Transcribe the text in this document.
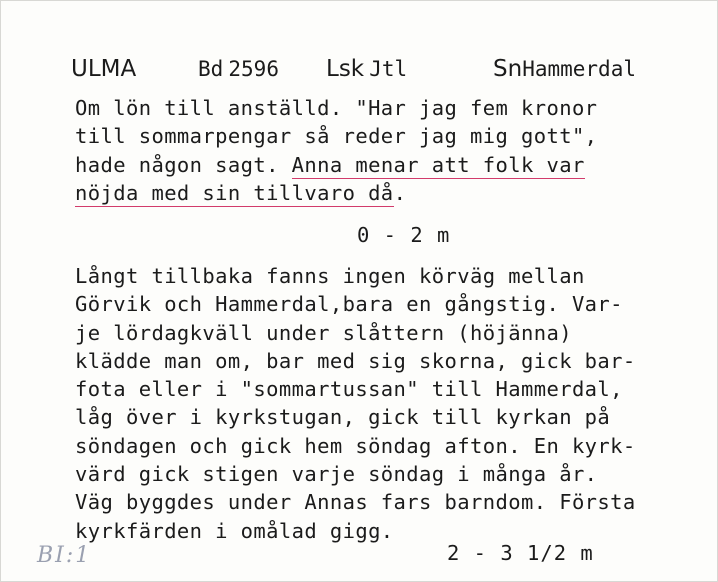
ULMA	Bd 2596 Lsk Jtl	SnHammerdal
Om lön till anställd. "Har jag fem kronor
till sommarpengar så reder jag mig gott",
hade någon sagt. Anna menar att folk var
nöjda med sin tillvaro då.
0 - 2 m
Långt tillbaka fanns ingen körväg mellan
Görvik och Hammerdal,bara en gångstig. Var-
je lördagkväll under slåttern (höjänna)
klädde man om, bar med sig skorna, gick bar-
fota eller i "sommartussan" till Hammerdal,
låg över i kyrkstugan, gick till kyrkan på
söndagen och gick hem söndag afton. En kyrk-
värd gick stigen varje söndag i många år.
Väg byggdes under Annas fars barndom. Första
kyrkfärden i omålad gigg.
BI:1	2 - 3 1/2 m
